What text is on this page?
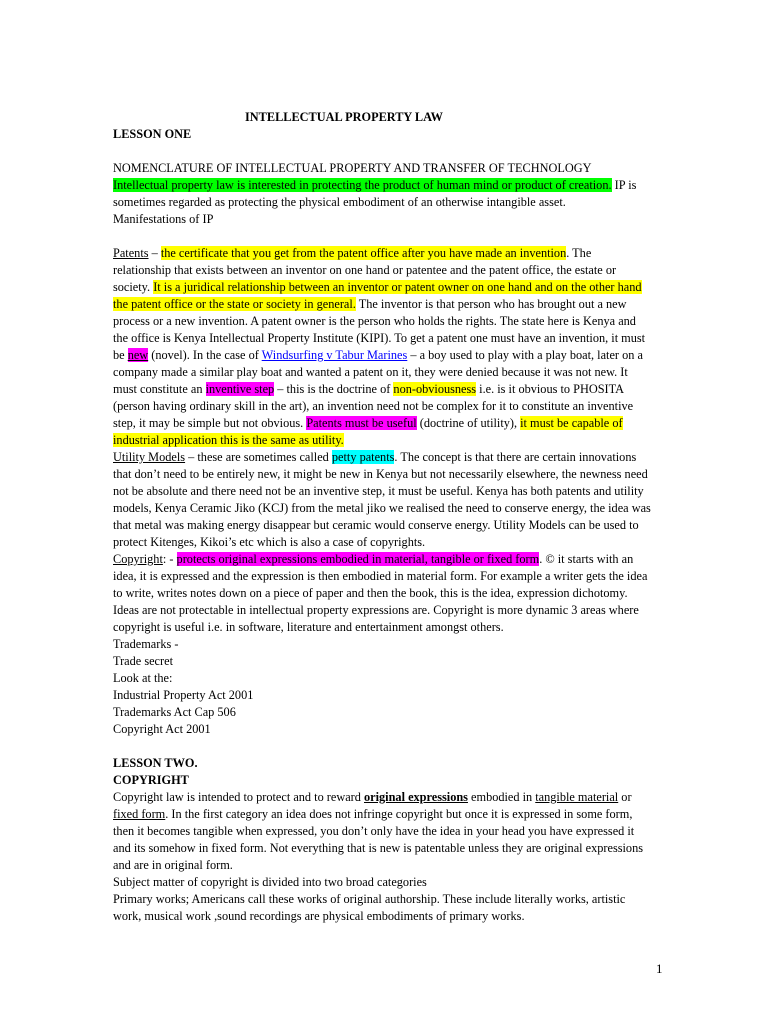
INTELLECTUAL PROPERTY LAW
LESSON ONE
NOMENCLATURE OF INTELLECTUAL PROPERTY AND TRANSFER OF TECHNOLOGY
Intellectual property law is interested in protecting the product of human mind or product of creation. IP is
sometimes regarded as protecting the physical embodiment of an otherwise intangible asset.
Manifestations of IP
Patents – the certificate that you get from the patent office after you have made an invention. The
relationship that exists between an inventor on one hand or patentee and the patent office, the estate or
society. It is a juridical relationship between an inventor or patent owner on one hand and on the other hand
the patent office or the state or society in general. The inventor is that person who has brought out a new
process or a new invention. A patent owner is the person who holds the rights. The state here is Kenya and
the office is Kenya Intellectual Property Institute (KIPI). To get a patent one must have an invention, it must
be new (novel). In the case of Windsurfing v Tabur Marines – a boy used to play with a play boat, later on a
company made a similar play boat and wanted a patent on it, they were denied because it was not new. It
must constitute an inventive step – this is the doctrine of non-obviousness i.e. is it obvious to PHOSITA
(person having ordinary skill in the art), an invention need not be complex for it to constitute an inventive
step, it may be simple but not obvious. Patents must be useful (doctrine of utility), it must be capable of
industrial application this is the same as utility.
Utility Models – these are sometimes called petty patents. The concept is that there are certain innovations
that don’t need to be entirely new, it might be new in Kenya but not necessarily elsewhere, the newness need
not be absolute and there need not be an inventive step, it must be useful. Kenya has both patents and utility
models, Kenya Ceramic Jiko (KCJ) from the metal jiko we realised the need to conserve energy, the idea was
that metal was making energy disappear but ceramic would conserve energy. Utility Models can be used to
protect Kitenges, Kikoi’s etc which is also a case of copyrights.
Copyright: - protects original expressions embodied in material, tangible or fixed form. © it starts with an
idea, it is expressed and the expression is then embodied in material form. For example a writer gets the idea
to write, writes notes down on a piece of paper and then the book, this is the idea, expression dichotomy.
Ideas are not protectable in intellectual property expressions are. Copyright is more dynamic 3 areas where
copyright is useful i.e. in software, literature and entertainment amongst others.
Trademarks -
Trade secret
Look at the:
Industrial Property Act 2001
Trademarks Act Cap 506
Copyright Act 2001
LESSON TWO.
COPYRIGHT
Copyright law is intended to protect and to reward original expressions embodied in tangible material or
fixed form. In the first category an idea does not infringe copyright but once it is expressed in some form,
then it becomes tangible when expressed, you don’t only have the idea in your head you have expressed it
and its somehow in fixed form. Not everything that is new is patentable unless they are original expressions
and are in original form.
Subject matter of copyright is divided into two broad categories
Primary works; Americans call these works of original authorship. These include literally works, artistic
work, musical work ,sound recordings are physical embodiments of primary works.
1
